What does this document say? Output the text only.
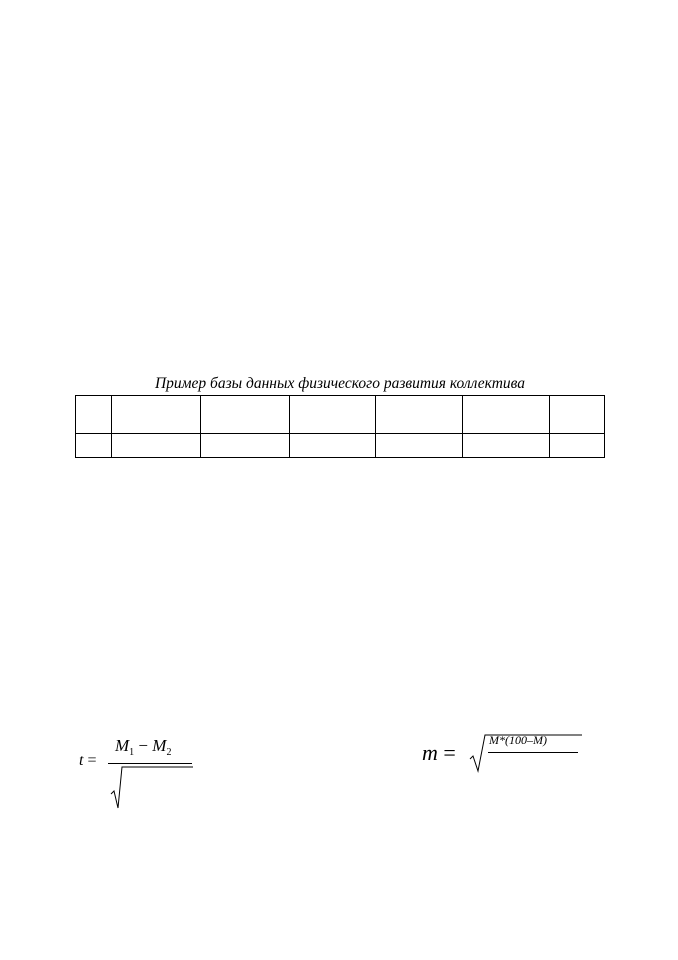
Пример базы данных физического развития коллектива

t =
$M_1 - M_2$	m =	M*(100–M)
